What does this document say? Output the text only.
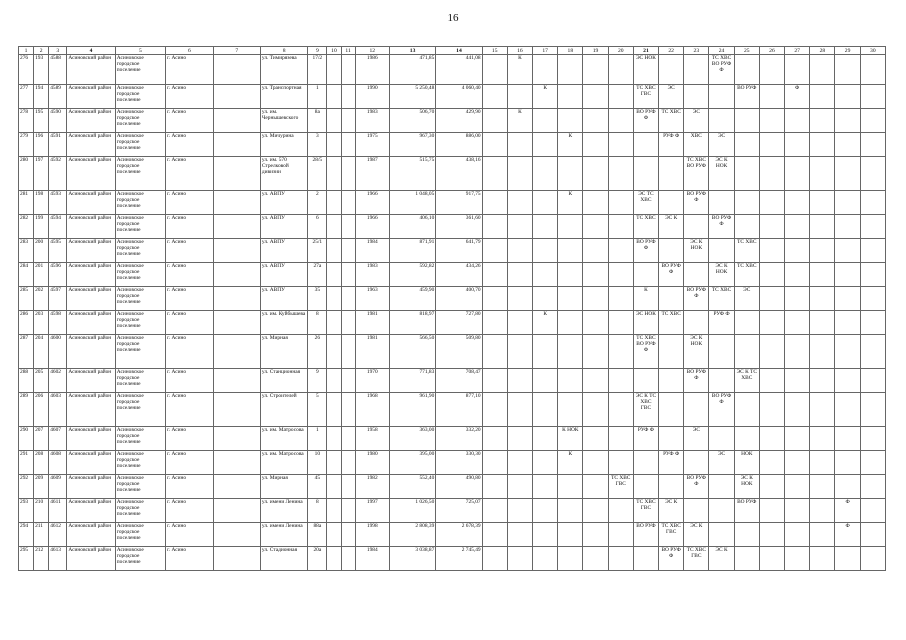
16
1	2	3	4	5	6	7	8	9	10	11	12	13	14	15	16	17	18	19	20	21	22	23	24	25	26	27	28	29	30
276	193	4588	Асиновский район	Асиновское городское поселение	г. Асино		ул. Тимирязева	17/2			1986	471,85	441,08		К					ЭС НОК			ТС ХВС ВО РУФ Ф						
277	194	4589	Асиновский район	Асиновское городское поселение	г. Асино		ул. Транспортная	1			1990	5 250,48	4 060,40			К				ТС ХВС ГВС	ЭС			ВО РУФ		Ф			
278	195	4590	Асиновский район	Асиновское городское поселение	г. Асино		ул. им. Чернышевского	8а			1983	506,70	429,90		К					ВО РУФ Ф	ТС ХВС	ЭС							
279	196	4591	Асиновский район	Асиновское городское поселение	г. Асино		ул. Мичурина	3			1975	967,30	886,00				К				РУФ Ф	ХВС	ЭС						
280	197	4592	Асиновский район	Асиновское городское поселение	г. Асино		ул. им. 570 Стрелковой дивизии	28/5			1987	515,75	438,16									ТС ХВС ВО РУФ	ЭС К НОК						
281	198	4593	Асиновский район	Асиновское городское поселение	г. Асино		ул. АВПУ	2			1966	1 048,05	917,75				К			ЭС ТС ХВС		ВО РУФ Ф							
282	199	4594	Асиновский район	Асиновское городское поселение	г. Асино		ул. АВПУ	6			1966	406,10	361,60							ТС ХВС	ЭС К		ВО РУФ Ф						
283	200	4595	Асиновский район	Асиновское городское поселение	г. Асино		ул. АВПУ	25/1			1984	871,91	641,79							ВО РУФ Ф		ЭС К НОК		ТС ХВС					
284	201	4596	Асиновский район	Асиновское городское поселение	г. Асино		ул. АВПУ	27а			1983	592,82	434,26								ВО РУФ Ф		ЭС К НОК	ТС ХВС					
285	202	4597	Асиновский район	Асиновское городское поселение	г. Асино		ул. АВПУ	35			1963	459,90	400,70							К		ВО РУФ Ф	ТС ХВС	ЭС					
286	203	4598	Асиновский район	Асиновское городское поселение	г. Асино		ул. им. Куйбышева	8			1981	818,97	727,80			К				ЭС НОК	ТС ХВС		РУФ Ф						
287	204	4600	Асиновский район	Асиновское городское поселение	г. Асино		ул. Мирная	26			1981	566,50	509,80							ТС ХВС ВО РУФ Ф		ЭС К НОК							
288	205	4602	Асиновский район	Асиновское городское поселение	г. Асино		ул. Станционная	9			1970	771,83	708,47									ВО РУФ Ф		ЭС К ТС ХВС					
289	206	4603	Асиновский район	Асиновское городское поселение	г. Асино		ул. Строителей	5			1968	961,90	877,10							ЭС К ТС ХВС ГВС			ВО РУФ Ф						
290	207	4607	Асиновский район	Асиновское городское поселение	г. Асино		ул. им. Матросова	1			1958	363,00	332,20				К НОК			РУФ Ф		ЭС							
291	208	4608	Асиновский район	Асиновское городское поселение	г. Асино		ул. им. Матросова	10			1980	395,00	330,30				К				РУФ Ф		ЭС	НОК					
292	209	4609	Асиновский район	Асиновское городское поселение	г. Асино		ул. Мирная	45			1982	552,40	490,80						ТС ХВС ГВС			ВО РУФ Ф		ЭС К НОК					
293	210	4611	Асиновский район	Асиновское городское поселение	г. Асино		ул. имени Ленина	8			1997	1 026,50	725,07							ТС ХВС ГВС	ЭС К			ВО РУФ				Ф	
294	211	4612	Асиновский район	Асиновское городское поселение	г. Асино		ул. имени Ленина	88а			1998	2 808,39	2 678,39							ВО РУФ	ТС ХВС ГВС	ЭС К						Ф	
295	212	4613	Асиновский район	Асиновское городское поселение	г. Асино		ул. Стадионная	20а			1984	3 038,87	2 745,49								ВО РУФ Ф	ТС ХВС ГВС	ЭС К						
